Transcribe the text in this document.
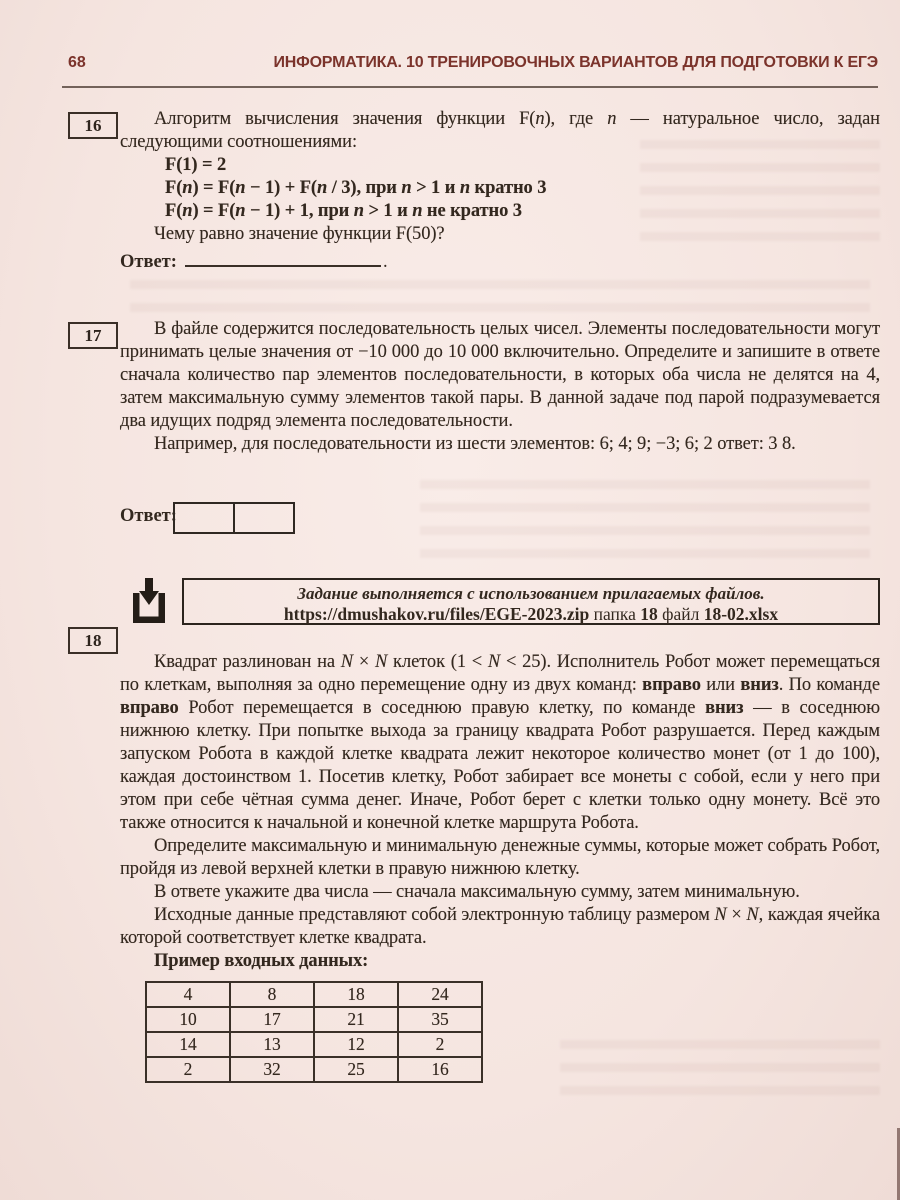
68	ИНФОРМАТИКА. 10 ТРЕНИРОВОЧНЫХ ВАРИАНТОВ ДЛЯ ПОДГОТОВКИ К ЕГЭ
16	Алгоритм вычисления значения функции F(n), где n — натуральное число, задан следующими соотношениями:
F(1) = 2
F(n) = F(n − 1) + F(n / 3), при n > 1 и n кратно 3
F(n) = F(n − 1) + 1, при n > 1 и n не кратно 3
Чему равно значение функции F(50)?
Ответ:	.
17	В файле содержится последовательность целых чисел. Элементы последовательности могут принимать целые значения от −10 000 до 10 000 включительно. Определите и запишите в ответе сначала количество пар элементов последовательности, в которых оба числа не делятся на 4, затем максимальную сумму элементов такой пары. В данной задаче под парой подразумевается два идущих подряд элемента последовательности.
Например, для последовательности из шести элементов: 6; 4; 9; −3; 6; 2 ответ: 3 8.
Ответ:
Задание выполняется с использованием прилагаемых файлов.
https://dmushakov.ru/files/EGE-2023.zip папка 18 файл 18-02.xlsx
18
Квадрат разлинован на N × N клеток (1 < N < 25). Исполнитель Робот может перемещаться по клеткам, выполняя за одно перемещение одну из двух команд: вправо или вниз. По команде вправо Робот перемещается в соседнюю правую клетку, по команде вниз — в соседнюю нижнюю клетку. При попытке выхода за границу квадрата Робот разрушается. Перед каждым запуском Робота в каждой клетке квадрата лежит некоторое количество монет (от 1 до 100), каждая достоинством 1. Посетив клетку, Робот забирает все монеты с собой, если у него при этом при себе чётная сумма денег. Иначе, Робот берет с клетки только одну монету. Всё это также относится к начальной и конечной клетке маршрута Робота.
Определите максимальную и минимальную денежные суммы, которые может собрать Робот, пройдя из левой верхней клетки в правую нижнюю клетку.
В ответе укажите два числа — сначала максимальную сумму, затем минимальную.
Исходные данные представляют собой электронную таблицу размером N × N, каждая ячейка которой соответствует клетке квадрата.
Пример входных данных:
4	8	18	24
10	17	21	35
14	13	12	2
2	32	25	16
